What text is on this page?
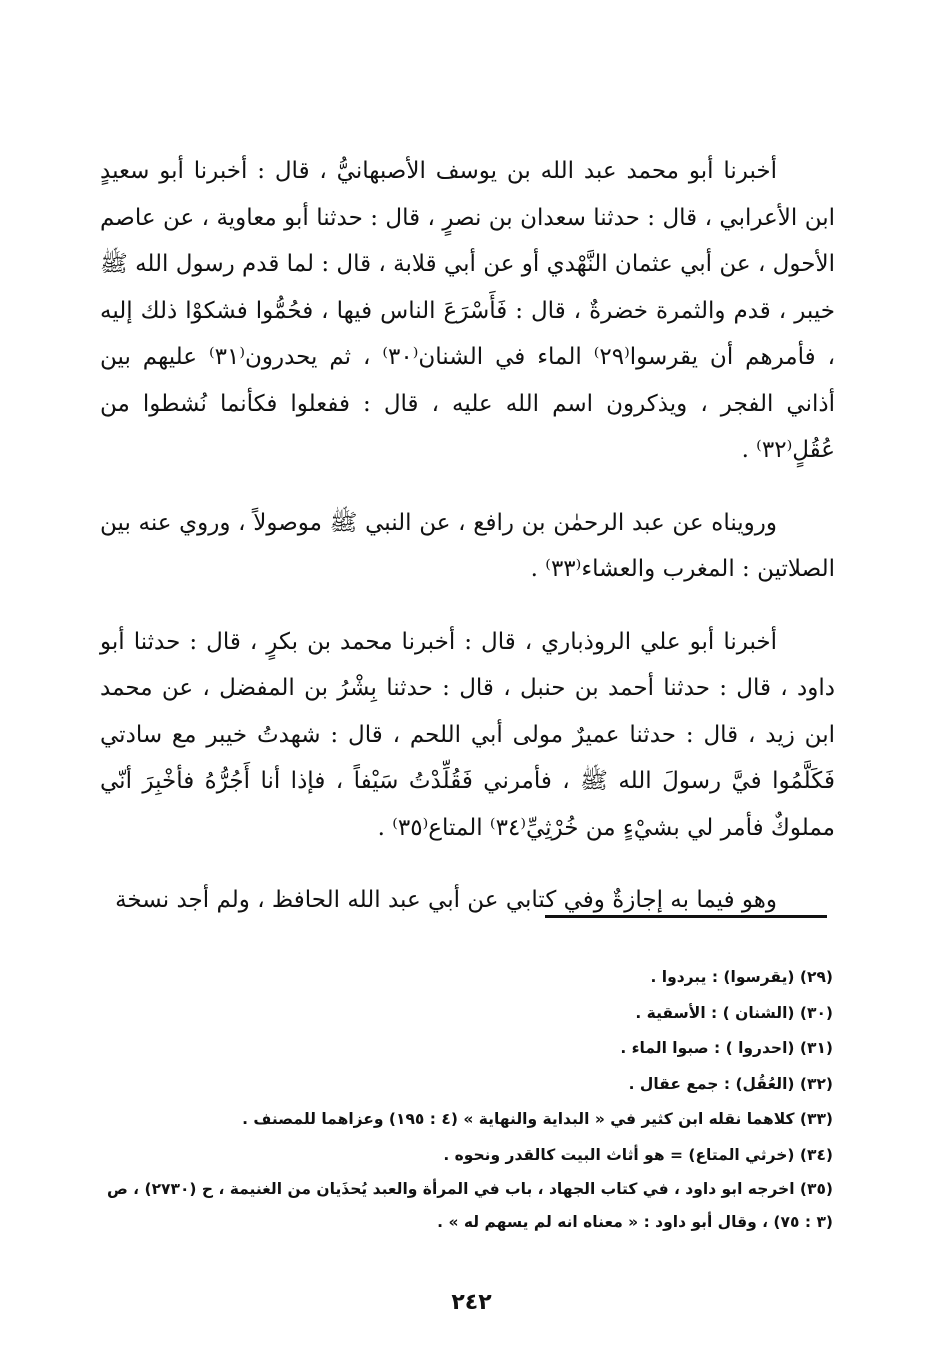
أخبرنا أبو محمد عبد الله بن يوسف الأصبهانيُّ ، قال : أخبرنا أبو سعيدٍ ابن الأعرابي ، قال : حدثنا سعدان بن نصرٍ ، قال : حدثنا أبو معاوية ، عن عاصم الأحول ، عن أبي عثمان النَّهْدي أو عن أبي قلابة ، قال : لما قدم رسول الله ﷺ خيبر ، قدم والثمرة خضرةٌ ، قال : فَأَسْرَعَ الناس فيها ، فحُمُّوا فشكوْا ذلك إليه ، فأمرهم أن يقرسوا⁽٢٩⁾ الماء في الشنان⁽٣٠⁾ ، ثم يحدرون⁽٣١⁾ عليهم بين أذاني الفجر ، ويذكرون اسم الله عليه ، قال : ففعلوا فكأنما نُشطوا من عُقُلٍ⁽٣٢⁾ .

ورويناه عن عبد الرحمٰن بن رافع ، عن النبي ﷺ موصولاً ، وروي عنه بين الصلاتين : المغرب والعشاء⁽٣٣⁾ .

أخبرنا أبو علي الروذباري ، قال : أخبرنا محمد بن بكرٍ ، قال : حدثنا أبو داود ، قال : حدثنا أحمد بن حنبل ، قال : حدثنا بِشْرُ بن المفضل ، عن محمد ابن زيد ، قال : حدثنا عميرٌ مولى أبي اللحم ، قال : شهدتُ خيبر مع سادتي فَكَلَّمُوا فيَّ رسولَ الله ﷺ ، فأمرني فَقُلِّدْتُ سَيْفاً ، فإذا أنا أَجُرُّهُ فأخْبِرَ أنّي مملوكٌ فأمر لي بشيْءٍ من خُرْثِيِّ⁽٣٤⁾ المتاع⁽٣٥⁾ .

وهو فيما به إجازةٌ وفي كتابي عن أبي عبد الله الحافظ ، ولم أجد نسخة

(٢٩) (يقرسوا) : يبردوا .
(٣٠) (الشنان ) : الأسقية .
(٣١) (احدروا ) : صبوا الماء .
(٣٢) (العُقُل) : جمع عقال .
(٣٣) كلاهما نقله ابن كثير في « البداية والنهاية » (٤ : ١٩٥) وعزاهما للمصنف .
(٣٤) (خرثي المتاع) = هو أثاث البيت كالقدر ونحوه .
(٣٥) اخرجه ابو داود ، في كتاب الجهاد ، باب في المرأة والعبد يُحذَيان من الغنيمة ، ح (٢٧٣٠) ، ص (٣ : ٧٥) ، وقال أبو داود : « معناه انه لم يسهم له » .
٢٤٢
